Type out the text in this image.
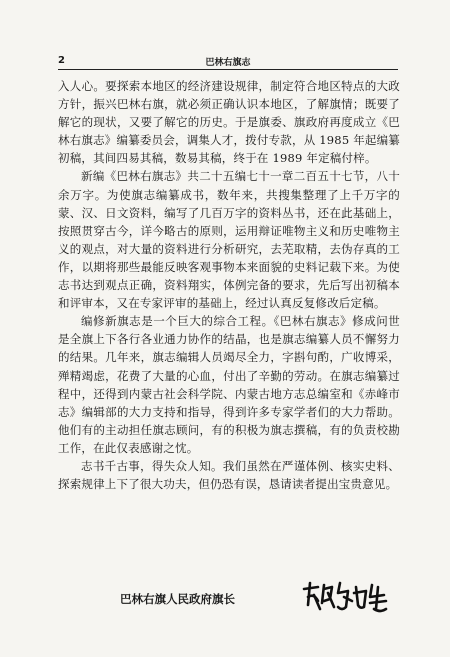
2	巴林右旗志

入人心。要探索本地区的经济建设规律，制定符合地区特点的大政方针，振兴巴林右旗，就必须正确认识本地区，了解旗情；既要了解它的现状，又要了解它的历史。于是旗委、旗政府再度成立《巴林右旗志》编纂委员会，调集人才，拨付专款，从 1985 年起编纂初稿，其间四易其稿，数易其稿，终于在 1989 年定稿付梓。

新编《巴林右旗志》共二十五编七十一章二百五十七节，八十余万字。为使旗志编纂成书，数年来，共搜集整理了上千万字的蒙、汉、日文资料，编写了几百万字的资料丛书，还在此基础上，按照贯穿古今，详今略古的原则，运用辩证唯物主义和历史唯物主义的观点，对大量的资料进行分析研究，去芜取精，去伪存真的工作，以期将那些最能反映客观事物本来面貌的史料记载下来。为使志书达到观点正确，资料翔实，体例完备的要求，先后写出初稿本和评审本，又在专家评审的基础上，经过认真反复修改后定稿。

编修新旗志是一个巨大的综合工程。《巴林右旗志》修成问世是全旗上下各行各业通力协作的结晶，也是旗志编纂人员不懈努力的结果。几年来，旗志编辑人员竭尽全力，字斟句酌，广收博采，殚精竭虑，花费了大量的心血，付出了辛勤的劳动。在旗志编纂过程中，还得到内蒙古社会科学院、内蒙古地方志总编室和《赤峰市志》编辑部的大力支持和指导，得到许多专家学者们的大力帮助。他们有的主动担任旗志顾问，有的积极为旗志撰稿，有的负责校勘工作，在此仅表感谢之忱。

志书千古事，得失众人知。我们虽然在严谨体例、核实史料、探索规律上下了很大功夫，但仍恐有误，恳请读者提出宝贵意见。

巴林右旗人民政府旗长
